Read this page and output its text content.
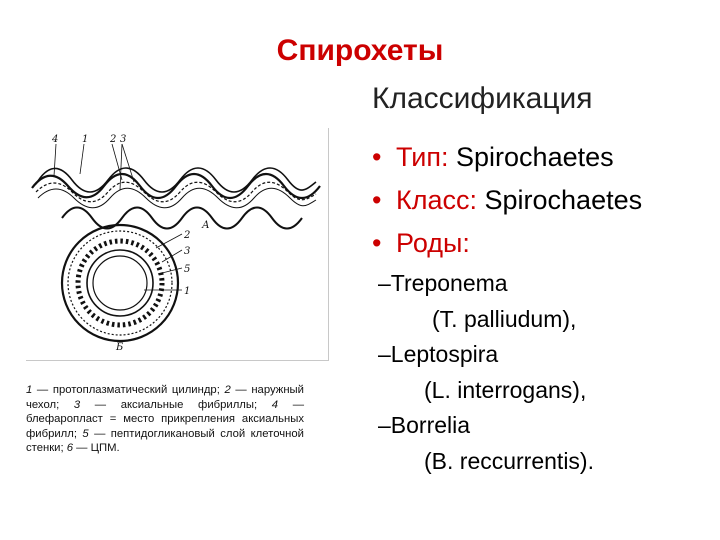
Спирохеты
Классификация
• Тип: Spirochaetes
• Класс: Spirochaetes
• Роды:
–Treponema
(T. palliudum),
–Leptospira
(L. interrogans),
–Borrelia
(B. reccurrentis).
4 1 2 3
А
2
3
5
1
Б
1 — протоплазматический цилиндр; 2 — наружный чехол; 3 — аксиальные фибриллы; 4 — блефаропласт = место прикрепления аксиальных фибрилл; 5 — пептидогликановый слой клеточной стенки; 6 — ЦПМ.
